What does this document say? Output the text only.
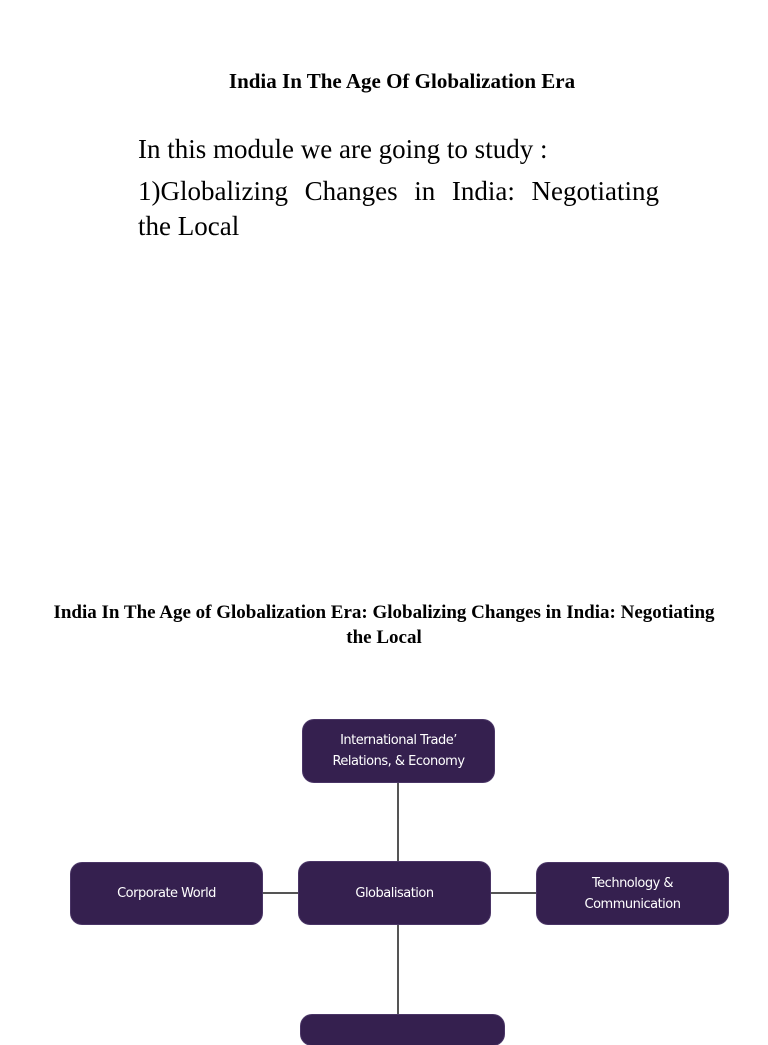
India In The Age Of Globalization Era

In this module we are going to study :

1)Globalizing Changes in India: Negotiating the Local

India In The Age of Globalization Era: Globalizing Changes in India: Negotiating the Local
International Trade’
Relations, & Economy
Corporate World	Globalisation
Technology &
Communication
